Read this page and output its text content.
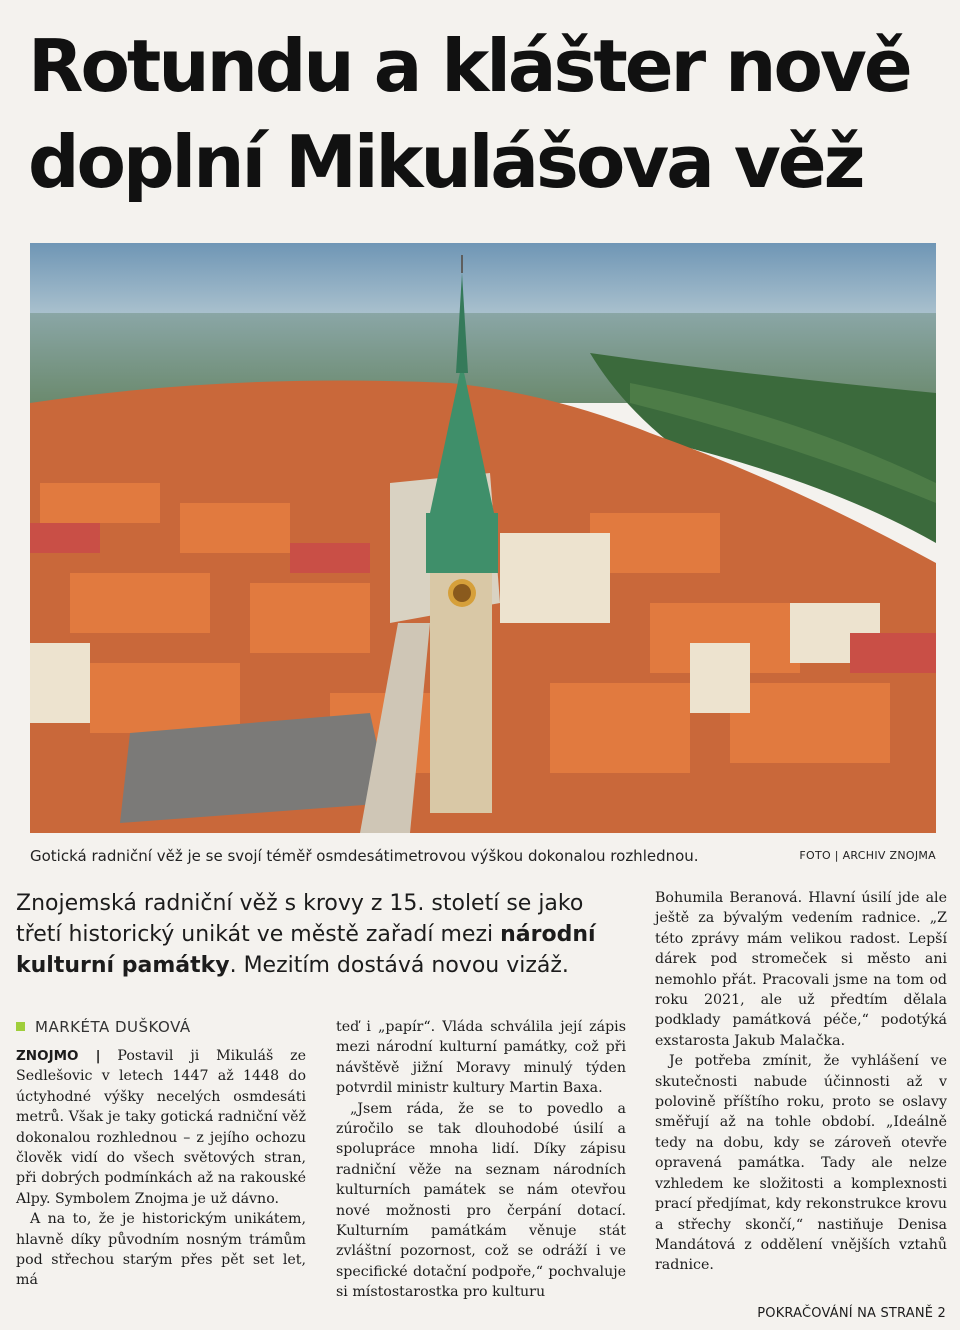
Rotundu a klášter nově
doplní Mikulášova věž
Gotická radniční věž je se svojí téměř osmdesátimetrovou výškou dokonalou rozhlednou.	FOTO | ARCHIV ZNOJMA

Znojemská radniční věž s krovy z 15. století se jako třetí historický unikát ve městě zařadí mezi národní kulturní památky. Mezitím dostává novou vizáž.

MARKÉTA DUŠKOVÁ

ZNOJMO | Postavil ji Mikuláš ze Sedlešovic v letech 1447 až 1448 do úctyhodné výšky necelých osmdesáti metrů. Však je taky gotická radniční věž dokonalou rozhlednou – z jejího ochozu člověk vidí do všech světových stran, při dobrých podmínkách až na rakouské Alpy. Symbolem Znojma je už dávno.

A na to, že je historickým unikátem, hlavně díky původním nosným trámům pod střechou starým přes pět set let, má

teď i „papír“. Vláda schválila její zápis mezi národní kulturní památky, což při návštěvě jižní Moravy minulý týden potvrdil ministr kultury Martin Baxa.

„Jsem ráda, že se to povedlo a zúročilo se tak dlouhodobé úsilí a spolupráce mnoha lidí. Díky zápisu radniční věže na seznam národních kulturních památek se nám otevřou nové možnosti pro čerpání dotací. Kulturním památkám věnuje stát zvláštní pozornost, což se odráží i ve specifické dotační podpoře,“ pochvaluje si místostarostka pro kulturu

Bohumila Beranová. Hlavní úsilí jde ale ještě za bývalým vedením radnice. „Z této zprávy mám velikou radost. Lepší dárek pod stromeček si město ani nemohlo přát. Pracovali jsme na tom od roku 2021, ale už předtím dělala podklady památková péče,“ podotýká exstarosta Jakub Malačka.

Je potřeba zmínit, že vyhlášení ve skutečnosti nabude účinnosti až v polovině příštího roku, proto se oslavy směřují až na tohle období. „Ideálně tedy na dobu, kdy se zároveň otevře opravená památka. Tady ale nelze vzhledem ke složitosti a komplexnosti prací předjímat, kdy rekonstrukce krovu a střechy skončí,“ nastiňuje Denisa Mandátová z oddělení vnějších vztahů radnice.

POKRAČOVÁNÍ NA STRANĚ 2
